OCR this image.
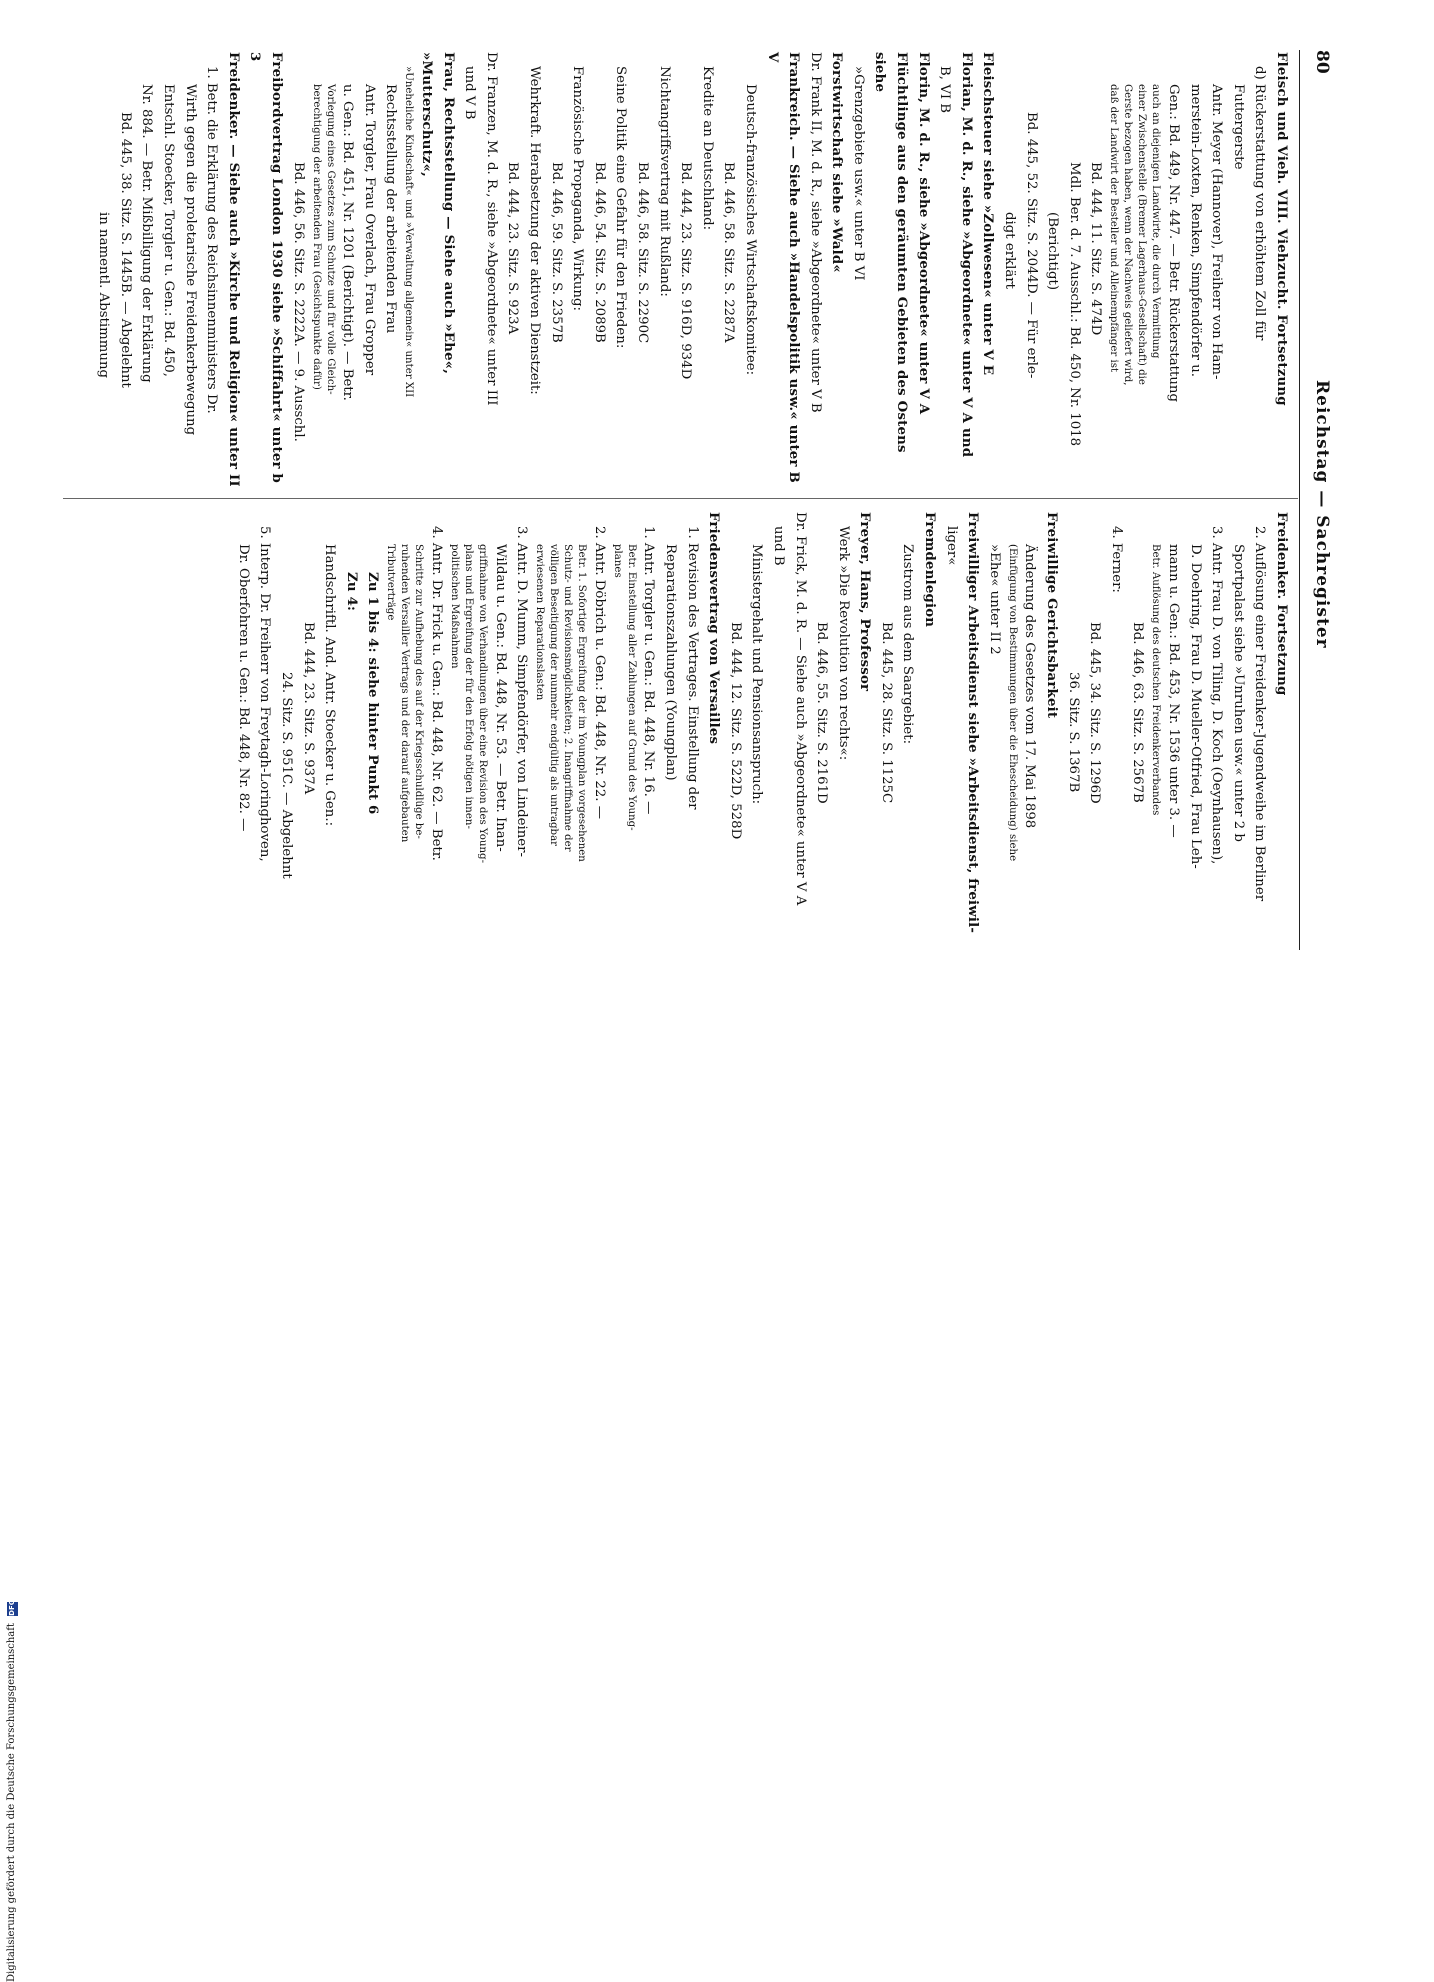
80
Reichstag — Sachregister

Fleisch und Vieh. VIII. Viehzucht. Fortsetzung

d) Rückerstattung von erhöhtem Zoll für

Futtergerste

Antr. Meyer (Hannover), Freiherr von Ham-

merstein-Loxten, Renken, Simpfendörfer u.

Gen.: Bd. 449, Nr. 447. — Betr. Rückerstattung

auch an diejenigen Landwirte, die durch Vermittlung

einer Zwischenstelle (Bremer Lagerhaus-Gesellschaft) die

Gerste bezogen haben, wenn der Nachweis geliefert wird,

daß der Landwirt der Besteller und Alleinempfänger ist

Bd. 444, 11. Sitz. S. 474D

Mdl. Ber. d. 7. Ausschl.: Bd. 450, Nr. 1018

(Berichtigt)

Bd. 445, 52. Sitz. S. 2044D. — Für erle-

digt erklärt

Fleischsteuer siehe »Zollwesen« unter V E

Florian, M. d. R., siehe »Abgeordnete« unter V A und

B, VI B

Florin, M. d. R., siehe »Abgeordnete« unter V A

Flüchtlinge aus den geräumten Gebieten des Ostens siehe

»Grenzgebiete usw.« unter B VI

Forstwirtschaft siehe »Wald«

Dr. Frank II, M. d. R., siehe »Abgeordnete« unter V B

Frankreich. — Siehe auch »Handelspolitik usw.« unter B V

Deutsch-französisches Wirtschaftskomitee:

Bd. 446, 58. Sitz. S. 2287A

Kredite an Deutschland:

Bd. 444, 23. Sitz. S. 916D, 934D

Nichtangriffsvertrag mit Rußland:

Bd. 446, 58. Sitz. S. 2290C

Seine Politik eine Gefahr für den Frieden:

Bd. 446, 54. Sitz. S. 2089B

Französische Propaganda, Wirkung:

Bd. 446, 59. Sitz. S. 2357B

Wehrkraft. Herabsetzung der aktiven Dienstzeit:

Bd. 444, 23. Sitz. S. 923A

Dr. Franzen, M. d. R., siehe »Abgeordnete« unter III

und V B

Frau, Rechtsstellung — Siehe auch »Ehe«, »Mutterschutz«,

»Uneheliche Kindschaft« und »Verwaltung allgemein« unter XII

Rechtsstellung der arbeitenden Frau

Antr. Torgler, Frau Overlach, Frau Gropper

u. Gen.: Bd. 451, Nr. 1201 (Berichtigt). — Betr.

Vorlegung eines Gesetzes zum Schutze und für volle Gleich-

berechtigung der arbeitenden Frau (Gesichtspunkte dafür)

Bd. 446, 56. Sitz. S. 2222A. — 9. Ausschl.

Freibordvertrag London 1930 siehe »Schiffahrt« unter b 3

Freidenker. — Siehe auch »Kirche und Religion« unter II

1. Betr. die Erklärung des Reichsinnenministers Dr.

Wirth gegen die proletarische Freidenkerbewegung

Entschl. Stoecker, Torgler u. Gen.: Bd. 450,

Nr. 884. — Betr. Mißbilligung der Erklärung

Bd. 445, 38. Sitz. S. 1445B. — Abgelehnt

in namentl. Abstimmung

Freidenker. Fortsetzung

2. Auflösung einer Freidenker-Jugendweihe im Berliner

Sportpalast siehe »Unruhen usw.« unter 2 b

3. Antr. Frau D. von Tiling, D. Koch (Oeynhausen),

D. Doehring, Frau D. Mueller-Otfried, Frau Leh-

mann u. Gen.: Bd. 453, Nr. 1536 unter 3. —

Betr. Auflösung des deutschen Freidenkerverbandes

Bd. 446, 63. Sitz. S. 2567B

4. Ferner:

Bd. 445, 34. Sitz. S. 1296D

36. Sitz. S. 1367B

Freiwillige Gerichtsbarkeit

Änderung des Gesetzes vom 17. Mai 1898

(Einfügung von Bestimmungen über die Ehescheidung) siehe

»Ehe« unter II 2

Freiwilliger Arbeitsdienst siehe »Arbeitsdienst, freiwil-

liger«

Fremdenlegion

Zustrom aus dem Saargebiet:

Bd. 445, 28. Sitz. S. 1125C

Freyer, Hans, Professor

Werk »Die Revolution von rechts«:

Bd. 446, 55. Sitz. S. 2161D

Dr. Frick, M. d. R. — Siehe auch »Abgeordnete« unter V A

und B

Ministergehalt und Pensionsanspruch:

Bd. 444, 12. Sitz. S. 522D, 528D

Friedensvertrag von Versailles

1. Revision des Vertrages. Einstellung der

Reparationszahlungen (Youngplan)

1. Antr. Torgler u. Gen.: Bd. 448, Nr. 16. —

Betr. Einstellung aller Zahlungen auf Grund des Young-

planes

2. Antr. Döbrich u. Gen.: Bd. 448, Nr. 22. —

Betr. 1. Sofortige Ergreifung der im Youngplan vorgesehenen

Schutz- und Revisionsmöglichkeiten; 2. Inangriffnahme der

völligen Beseitigung der nunmehr endgültig als untragbar

erwiesenen Reparationslasten

3. Antr. D. Mumm, Simpfendörfer, von Lindeiner-

Wildau u. Gen.: Bd. 448, Nr. 53. — Betr. Inan-

griffnahme von Verhandlungen über eine Revision des Young-

plans und Ergreifung der für den Erfolg nötigen innen-

politischen Maßnahmen

4. Antr. Dr. Frick u. Gen.: Bd. 448, Nr. 62. — Betr.

Schritte zur Aufhebung des auf der Kriegsschuldlüge be-

ruhenden Versailler Vertrags und der darauf aufgebauten

Tributverträge

Zu 1 bis 4: siehe hinter Punkt 6

Zu 4:

Handschriftl. And. Antr. Stoecker u. Gen.:

Bd. 444, 23. Sitz. S. 937A

24. Sitz. S. 951C. — Abgelehnt

5. Interp. Dr. Freiherr von Freytagh-Loringhoven,

Dr. Oberfohren u. Gen.: Bd. 448, Nr. 82. —

Digitalisierung gefördert durch die Deutsche Forschungsgemeinschaft DFG
